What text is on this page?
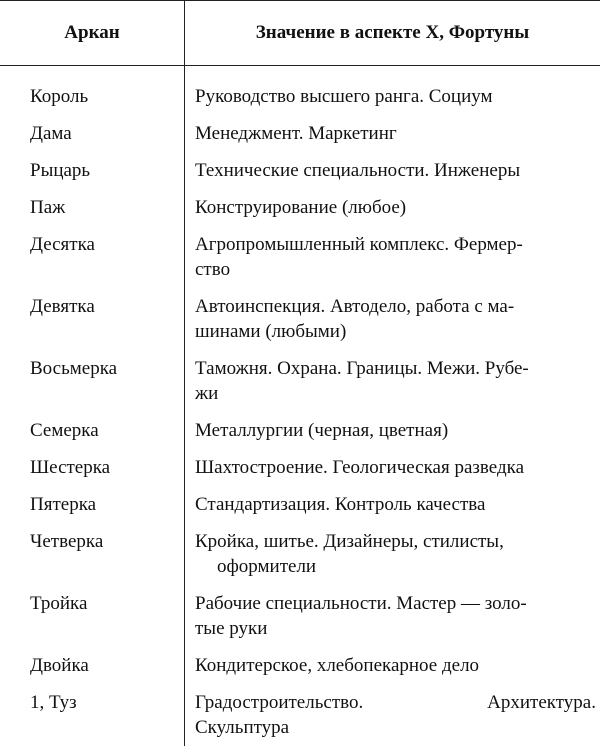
Аркан	Значение в аспекте X, Фортуны

Король	Руководство высшего ранга. Социум

Дама	Менеджмент. Маркетинг

Рыцарь	Технические специальности. Инженеры

Паж	Конструирование (любое)

Десятка	Агропромышленный комплекс. Фермер-
ство

Девятка	Автоинспекция. Автодело, работа с ма-
шинами (любыми)

Восьмерка	Таможня. Охрана. Границы. Межи. Рубе-
жи

Семерка	Металлургии (черная, цветная)

Шестерка	Шахтостроение. Геологическая разведка

Пятерка	Стандартизация. Контроль качества

Четверка	Кройка, шитье. Дизайнеры, стилисты,
оформители

Тройка	Рабочие специальности. Мастер — золо-
тые руки

Двойка	Кондитерское, хлебопекарное дело

1, Туз	Градостроительство. Архитектура.
Скульптура
